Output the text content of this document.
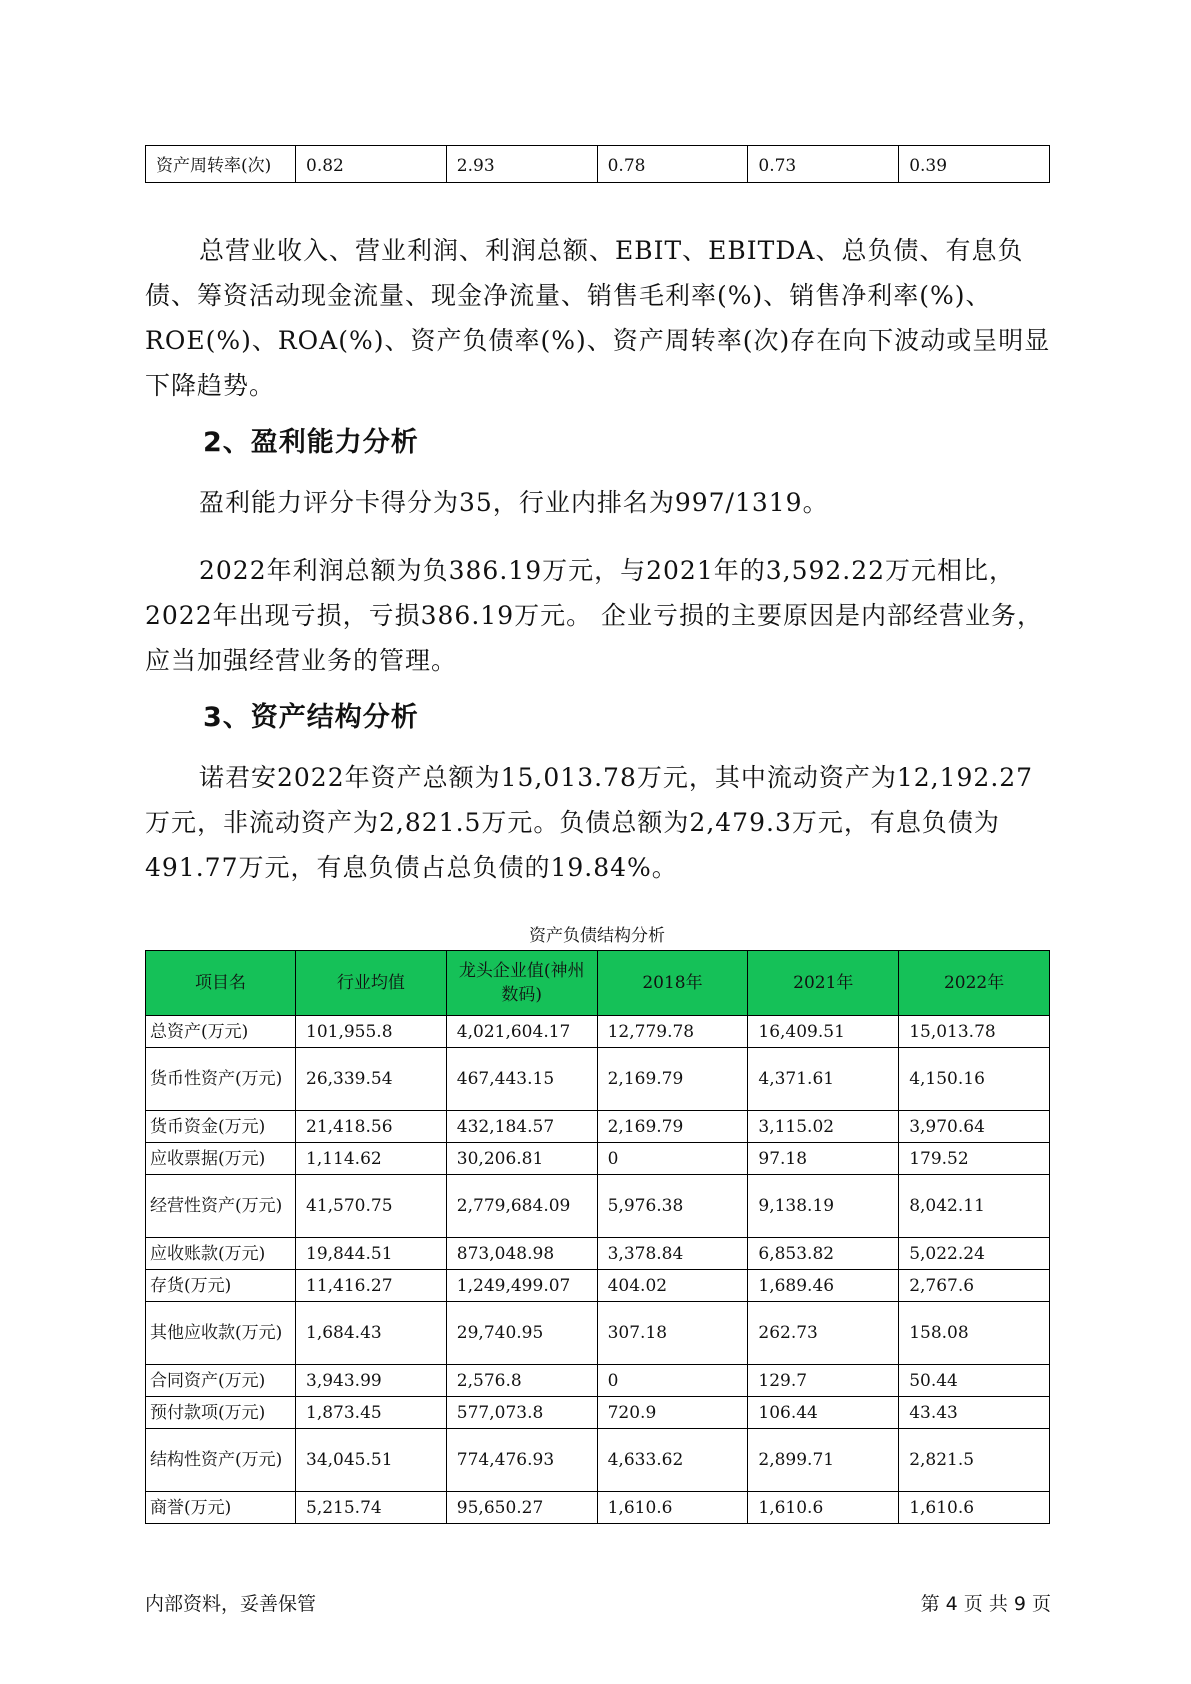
资产周转率(次)	0.82	2.93	0.78	0.73	0.39

总营业收入、营业利润、利润总额、EBIT、EBITDA、总负债、有息负债、筹资活动现金流量、现金净流量、销售毛利率(%)、销售净利率(%)、ROE(%)、ROA(%)、资产负债率(%)、资产周转率(次)存在向下波动或呈明显下降趋势。

2、盈利能力分析

盈利能力评分卡得分为35，行业内排名为997/1319。

2022年利润总额为负386.19万元，与2021年的3,592.22万元相比，2022年出现亏损，亏损386.19万元。 企业亏损的主要原因是内部经营业务，应当加强经营业务的管理。

3、资产结构分析

诺君安2022年资产总额为15,013.78万元，其中流动资产为12,192.27万元，非流动资产为2,821.5万元。负债总额为2,479.3万元，有息负债为491.77万元，有息负债占总负债的19.84%。

资产负债结构分析

项目名	行业均值	龙头企业值(神州数码)	2018年	2021年	2022年
总资产(万元)	101,955.8	4,021,604.17	12,779.78	16,409.51	15,013.78
货币性资产(万元)	26,339.54	467,443.15	2,169.79	4,371.61	4,150.16
货币资金(万元)	21,418.56	432,184.57	2,169.79	3,115.02	3,970.64
应收票据(万元)	1,114.62	30,206.81	0	97.18	179.52
经营性资产(万元)	41,570.75	2,779,684.09	5,976.38	9,138.19	8,042.11
应收账款(万元)	19,844.51	873,048.98	3,378.84	6,853.82	5,022.24
存货(万元)	11,416.27	1,249,499.07	404.02	1,689.46	2,767.6
其他应收款(万元)	1,684.43	29,740.95	307.18	262.73	158.08
合同资产(万元)	3,943.99	2,576.8	0	129.7	50.44
预付款项(万元)	1,873.45	577,073.8	720.9	106.44	43.43
结构性资产(万元)	34,045.51	774,476.93	4,633.62	2,899.71	2,821.5
商誉(万元)	5,215.74	95,650.27	1,610.6	1,610.6	1,610.6

内部资料，妥善保管	第 4 页 共 9 页
